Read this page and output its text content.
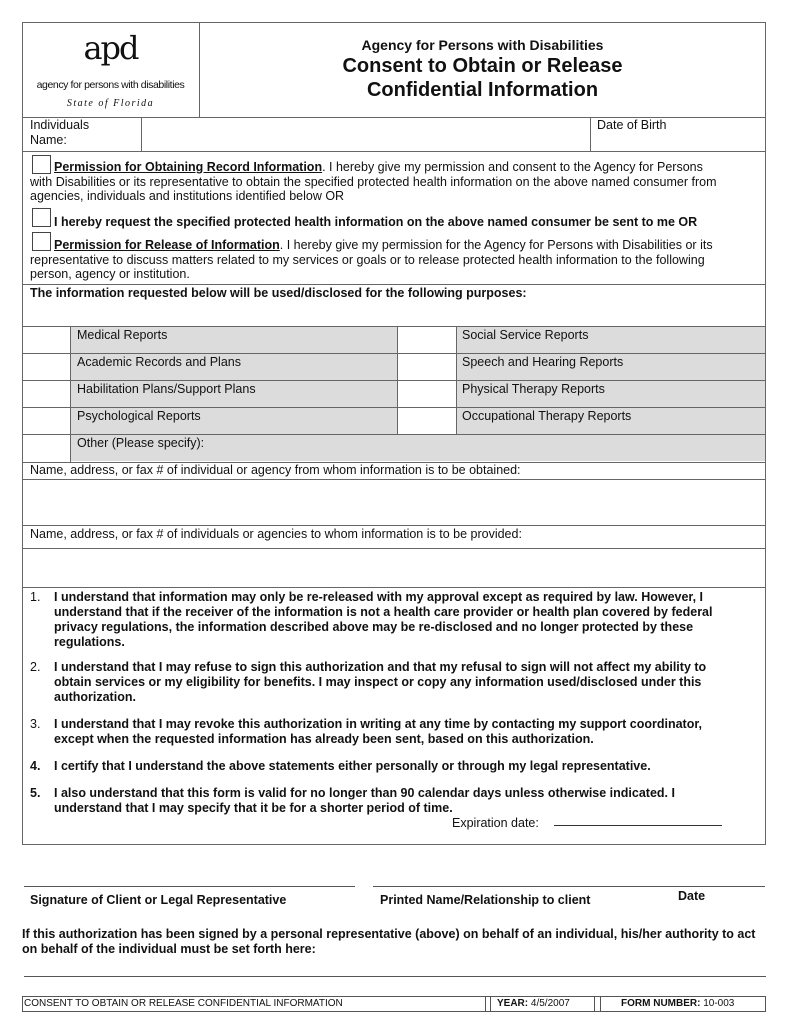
apd
agency for persons with disabilities
State of Florida
Agency for Persons with Disabilities
Consent to Obtain or Release
Confidential Information
Individuals
Name:
Date of Birth
Permission for Obtaining Record Information. I hereby give my permission and consent to the Agency for Persons
with Disabilities or its representative to obtain the specified protected health information on the above named consumer from
agencies, individuals and institutions identified below OR
I hereby request the specified protected health information on the above named consumer be sent to me OR
Permission for Release of Information. I hereby give my permission for the Agency for Persons with Disabilities or its
representative to discuss matters related to my services or goals or to release protected health information to the following
person, agency or institution.
The information requested below will be used/disclosed for the following purposes:
Medical Reports	Social Service Reports
Academic Records and Plans	Speech and Hearing Reports
Habilitation Plans/Support Plans	Physical Therapy Reports
Psychological Reports	Occupational Therapy Reports
Other (Please specify):
Name, address, or fax # of individual or agency from whom information is to be obtained:
Name, address, or fax # of individuals or agencies to whom information is to be provided:
1. I understand that information may only be re-released with my approval except as required by law. However, I understand that if the receiver of the information is not a health care provider or health plan covered by federal privacy regulations, the information described above may be re-disclosed and no longer protected by these regulations.
2. I understand that I may refuse to sign this authorization and that my refusal to sign will not affect my ability to obtain services or my eligibility for benefits. I may inspect or copy any information used/disclosed under this authorization.
3. I understand that I may revoke this authorization in writing at any time by contacting my support coordinator, except when the requested information has already been sent, based on this authorization.
4. I certify that I understand the above statements either personally or through my legal representative.
5. I also understand that this form is valid for no longer than 90 calendar days unless otherwise indicated. I understand that I may specify that it be for a shorter period of time.
Expiration date:
Signature of Client or Legal Representative	Printed Name/Relationship to client	Date
If this authorization has been signed by a personal representative (above) on behalf of an individual, his/her authority to act on behalf of the individual must be set forth here:
CONSENT TO OBTAIN OR RELEASE CONFIDENTIAL INFORMATION	YEAR: 4/5/2007	FORM NUMBER: 10-003
